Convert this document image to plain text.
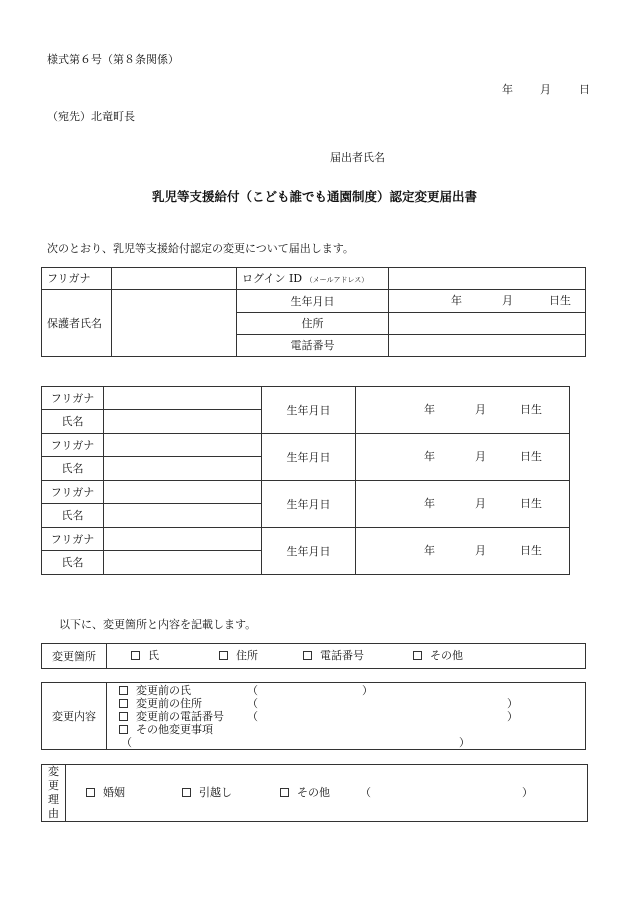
様式第６号（第８条関係）
年 月	日
（宛先）北竜町長
届出者氏名
乳児等支援給付（こども誰でも通園制度）認定変更届出書
次のとおり、乳児等支援給付認定の変更について届出します。
フリガナ		ログイン ID （メールアドレス）	
保護者氏名		生年月日	年 月 日生

		住所	
		電話番号	
フリガナ		生年月日	年 月 日生

氏名			
フリガナ		生年月日	年 月 日生

氏名			
フリガナ		生年月日	年 月 日生

氏名			
フリガナ		生年月日	年 月 日生

氏名			
以下に、変更箇所と内容を記載します。
変更箇所	氏	住所	電話番号	その他
変更内容	
変更前の氏	（	）
変更前の住所	（	）
変更前の電話番号 （	）
その他変更事項
（	）
変
更
理
由

婚姻	引越し	その他	（	）
